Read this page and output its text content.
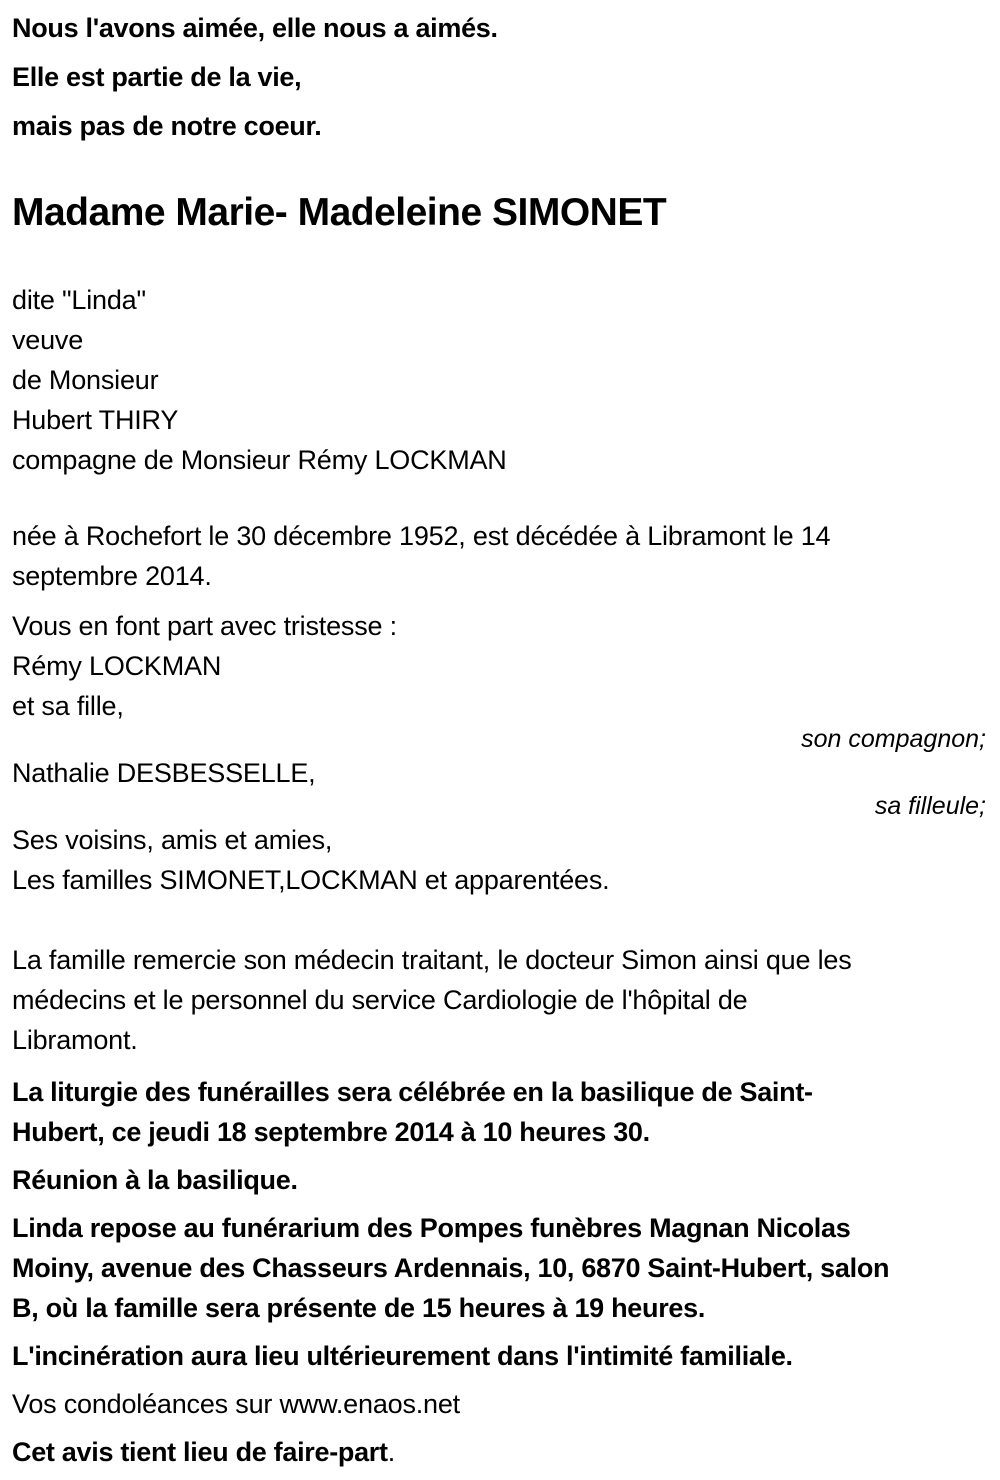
Nous l'avons aimée, elle nous a aimés.
Elle est partie de la vie,
mais pas de notre coeur.
Madame Marie- Madeleine SIMONET
dite "Linda"
veuve
de Monsieur
Hubert THIRY
compagne de Monsieur Rémy LOCKMAN
née à Rochefort le 30 décembre 1952, est décédée à Libramont le 14
septembre 2014.
Vous en font part avec tristesse :
Rémy LOCKMAN
et sa fille,
son compagnon;
Nathalie DESBESSELLE,
sa filleule;
Ses voisins, amis et amies,
Les familles SIMONET,LOCKMAN et apparentées.
La famille remercie son médecin traitant, le docteur Simon ainsi que les
médecins et le personnel du service Cardiologie de l'hôpital de
Libramont.
La liturgie des funérailles sera célébrée en la basilique de Saint-
Hubert, ce jeudi 18 septembre 2014 à 10 heures 30.
Réunion à la basilique.
Linda repose au funérarium des Pompes funèbres Magnan Nicolas
Moiny, avenue des Chasseurs Ardennais, 10, 6870 Saint-Hubert, salon
B, où la famille sera présente de 15 heures à 19 heures.
L'incinération aura lieu ultérieurement dans l'intimité familiale.
Vos condoléances sur www.enaos.net
Cet avis tient lieu de faire-part.
